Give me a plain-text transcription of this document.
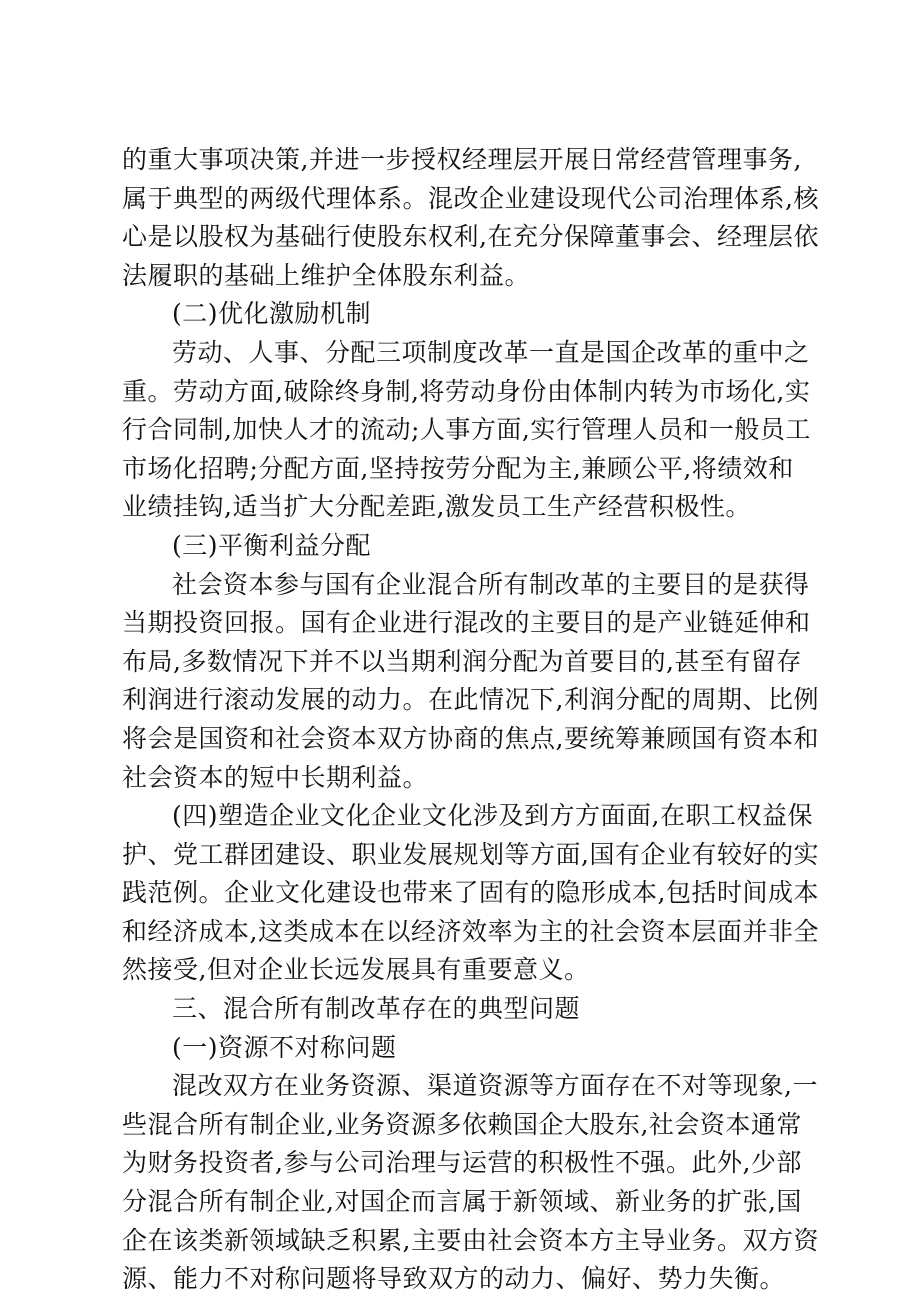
的重大事项决策,并进一步授权经理层开展日常经营管理事务,
属于典型的两级代理体系。混改企业建设现代公司治理体系,核
心是以股权为基础行使股东权利,在充分保障董事会、经理层依
法履职的基础上维护全体股东利益。
(二)优化激励机制
劳动、人事、分配三项制度改革一直是国企改革的重中之
重。劳动方面,破除终身制,将劳动身份由体制内转为市场化,实
行合同制,加快人才的流动;人事方面,实行管理人员和一般员工
市场化招聘;分配方面,坚持按劳分配为主,兼顾公平,将绩效和
业绩挂钩,适当扩大分配差距,激发员工生产经营积极性。
(三)平衡利益分配
社会资本参与国有企业混合所有制改革的主要目的是获得
当期投资回报。国有企业进行混改的主要目的是产业链延伸和
布局,多数情况下并不以当期利润分配为首要目的,甚至有留存
利润进行滚动发展的动力。在此情况下,利润分配的周期、比例
将会是国资和社会资本双方协商的焦点,要统筹兼顾国有资本和
社会资本的短中长期利益。
(四)塑造企业文化企业文化涉及到方方面面,在职工权益保
护、党工群团建设、职业发展规划等方面,国有企业有较好的实
践范例。企业文化建设也带来了固有的隐形成本,包括时间成本
和经济成本,这类成本在以经济效率为主的社会资本层面并非全
然接受,但对企业长远发展具有重要意义。
三、混合所有制改革存在的典型问题
(一)资源不对称问题
混改双方在业务资源、渠道资源等方面存在不对等现象,一
些混合所有制企业,业务资源多依赖国企大股东,社会资本通常
为财务投资者,参与公司治理与运营的积极性不强。此外,少部
分混合所有制企业,对国企而言属于新领域、新业务的扩张,国
企在该类新领域缺乏积累,主要由社会资本方主导业务。双方资
源、能力不对称问题将导致双方的动力、偏好、势力失衡。
